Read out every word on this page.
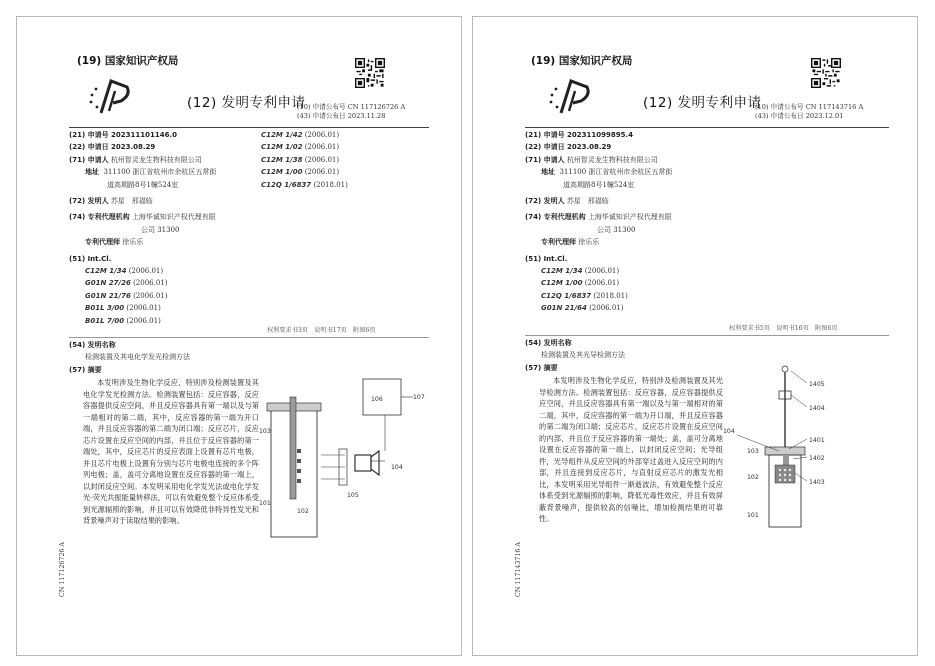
(19) 国家知识产权局
(12) 发明专利申请
(10) 申请公布号 CN 117126726 A
(43) 申请公布日 2023.11.28
(21) 申请号 202311101146.0
(22) 申请日 2023.08.29
(71) 申请人
杭州智灵龙生物科技有限公司
地址
311100 浙江省杭州市余杭区五常街
道高期路8号1幢524室
(72) 发明人
苏星　邢福临
(74) 专利代理机构
上海华诚知识产权代理有限
公司 31300
专利代理师
徐乐乐
(51) Int.Cl.
C12M 1/34 (2006.01)
G01N 27/26 (2006.01)
G01N 21/76 (2006.01)
B01L 3/00 (2006.01)
B01L 7/00 (2006.01)
C12M 1/42 (2006.01)
C12M 1/02 (2006.01)
C12M 1/38 (2006.01)
C12M 1/00 (2006.01)
C12Q 1/6837 (2018.01)
权利要求书3页　说明书17页　附图6页
(54) 发明名称
检测装置及其电化学发光检测方法
(57) 摘要
本发明涉及生物化学反应，特别涉及检测装置及其电化学发光检测方法。检测装置包括：反应容器，反应容器提供反应空间，并且反应容器具有第一端以及与第一端相对的第二端，其中，反应容器的第一端为开口端，并且反应容器的第二端为闭口端；反应芯片，反应芯片设置在反应空间的内部，并且位于反应容器的第一端处，其中，反应芯片的反应表面上设置有芯片电极，并且芯片电极上设置有分别与芯片电极电连接的多个阵列电极；盖，盖可分离地设置在反应容器的第一端上，以封闭反应空间。本发明采用电化学发光法或电化学发光-荧光共振能量转移法，可以有效避免整个反应体系受到光源辐照的影响，并且可以有效降低非特异性发光和背景噪声对于读取结果的影响。
103
101
102
104
105
106	107
CN 117126726 A
(19) 国家知识产权局
(12) 发明专利申请
(10) 申请公布号 CN 117143716 A
(43) 申请公布日 2023.12.01
(21) 申请号 202311099895.4
(22) 申请日 2023.08.29
(71) 申请人
杭州智灵龙生物科技有限公司
地址
311100 浙江省杭州市余杭区五常街
道高期路8号1幢524室
(72) 发明人
苏星　邢福临
(74) 专利代理机构
上海华诚知识产权代理有限
公司 31300
专利代理师
徐乐乐
(51) Int.Cl.
C12M 1/34 (2006.01)
C12M 1/00 (2006.01)
C12Q 1/6837 (2018.01)
G01N 21/64 (2006.01)
权利要求书5页　说明书16页　附图6页
(54) 发明名称
检测装置及其光导检测方法
(57) 摘要
本发明涉及生物化学反应，特别涉及检测装置及其光导检测方法。检测装置包括：反应容器，反应容器提供反应空间，并且反应容器具有第一端以及与第一端相对的第二端，其中，反应容器的第一端为开口端，并且反应容器的第二端为闭口端；反应芯片，反应芯片设置在反应空间的内部，并且位于反应容器的第一端处；盖，盖可分离地设置在反应容器的第一端上，以封闭反应空间；光导组件，光导组件从反应空间的外部穿过盖进入反应空间的内部，并且连接到反应芯片，与直射反应芯片的激发光相比，本发明采用光导组件一渐逝波法，有效避免整个反应体系受到光源辐照的影响，降低光毒性效应，并且有效屏蔽背景噪声，提供较高的信噪比，增加检测结果的可靠性。
1405
1404
1401
1402
1403
104
103
102
101
CN 117143716 A
